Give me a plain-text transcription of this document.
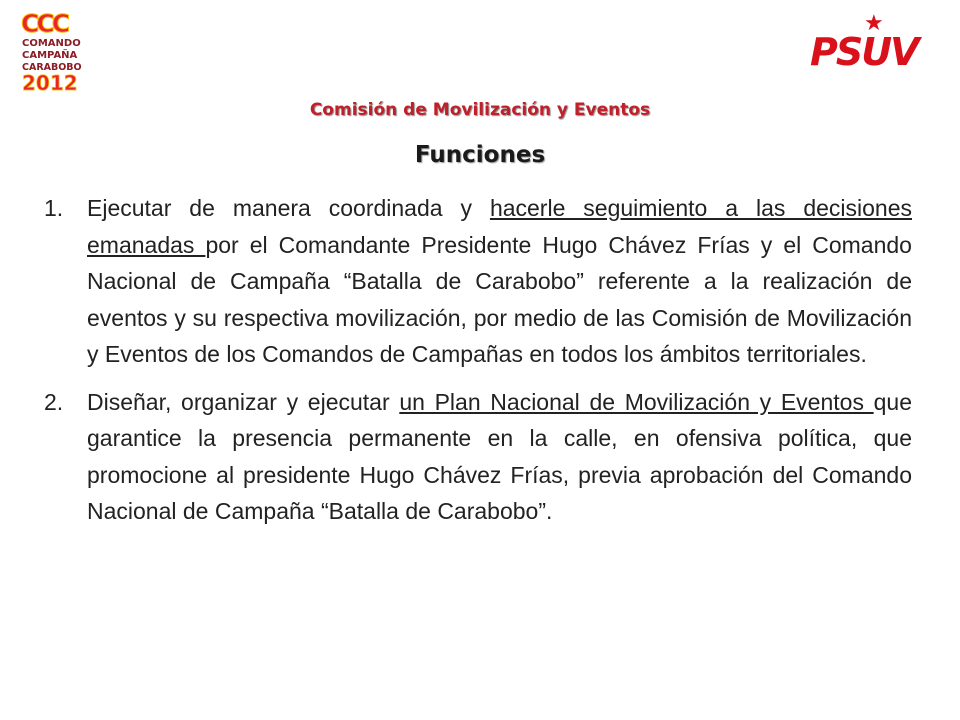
CCC
COMANDO
CAMPAÑA
CARABOBO
2012
★
PSUV
Comisión de Movilización y Eventos
Funciones
1.	Ejecutar de manera coordinada y hacerle seguimiento a las decisiones emanadas por el Comandante Presidente Hugo Chávez Frías y el Comando Nacional de Campaña “Batalla de Carabobo” referente a la realización de eventos y su respectiva movilización, por medio de las Comisión de Movilización y Eventos de los Comandos de Campañas en todos los ámbitos territoriales.
2.	Diseñar, organizar y ejecutar un Plan Nacional de Movilización y Eventos que garantice la presencia permanente en la calle, en ofensiva política, que promocione al presidente Hugo Chávez Frías, previa aprobación del Comando Nacional de Campaña “Batalla de Carabobo”.
